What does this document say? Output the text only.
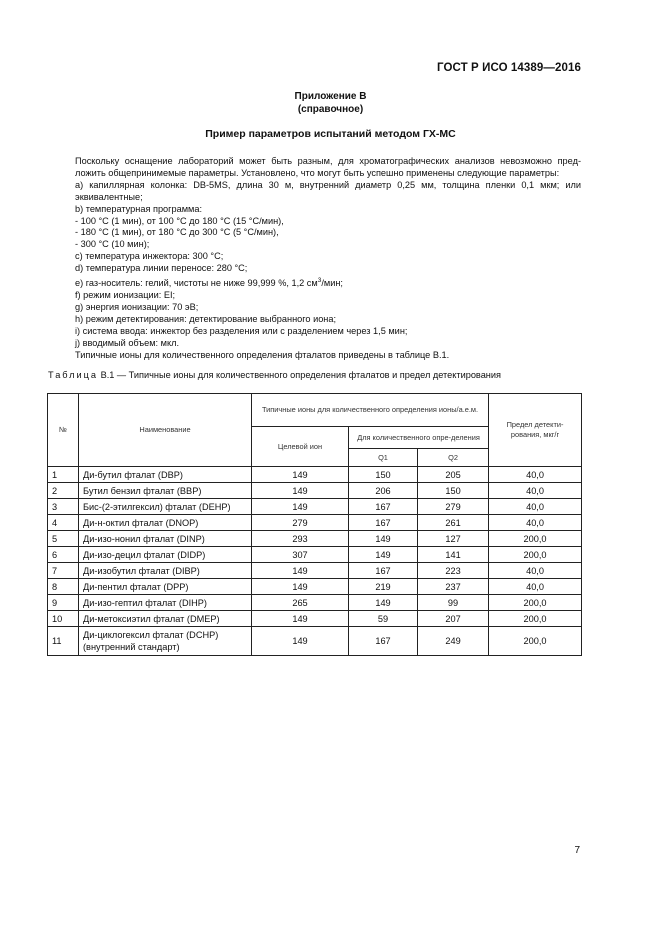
ГОСТ Р ИСО 14389—2016
Приложение В
(справочное)
Пример параметров испытаний методом ГХ-МС

Поскольку оснащение лабораторий может быть разным, для хроматографических анализов невозможно пред-ложить общепринимемые параметры. Установлено, что могут быть успешно применены следующие параметры:

а) капиллярная колонка: DB-5MS, длина 30 м, внутренний диаметр 0,25 мм, толщина пленки 0,1 мкм; или эквивалентные;

b) температурная программа:

- 100 °C (1 мин), от 100 °C до 180 °C (15 °C/мин),

- 180 °C (1 мин), от 180 °C до 300 °C (5 °C/мин),

- 300 °C (10 мин);

c) температура инжектора: 300 °C;

d) температура линии переносе: 280 °C;

e) газ-носитель: гелий, чистоты не ниже 99,999 %, 1,2 $см^3$/мин;

f) режим ионизации: EI;

g) энергия ионизации: 70 эВ;

h) режим детектирования: детектирование выбранного иона;

i) система ввода: инжектор без разделения или с разделением через 1,5 мин;

j) вводимый объем: мкл.

Типичные ионы для количественного определения фталатов приведены в таблице В.1.

Таблица В.1 — Типичные ионы для количественного определения фталатов и предел детектирования
№	Наименование	Типичные ионы для количественного определения ионы/а.е.м.			Предел детекти-рования, мкг/г
		Целевой ион	Для количественного опре-деления		
			Q1	Q2	
1	Ди-бутил фталат (DBP)	149	150	205	40,0
2	Бутил бензил фталат (BBP)	149	206	150	40,0
3	Бис-(2-этилгексил) фталат (DEHP)	149	167	279	40,0
4	Ди-н-октил фталат (DNOP)	279	167	261	40,0
5	Ди-изо-нонил фталат (DINP)	293	149	127	200,0
6	Ди-изо-децил фталат (DIDP)	307	149	141	200,0
7	Ди-изобутил фталат (DIBP)	149	167	223	40,0
8	Ди-пентил фталат (DPP)	149	219	237	40,0
9	Ди-изо-гептил фталат (DIHP)	265	149	99	200,0
10	Ди-метоксиэтил фталат (DMEP)	149	59	207	200,0
11	Ди-циклогексил фталат (DCHP) (внутренний стандарт)	149	167	249	200,0
7
